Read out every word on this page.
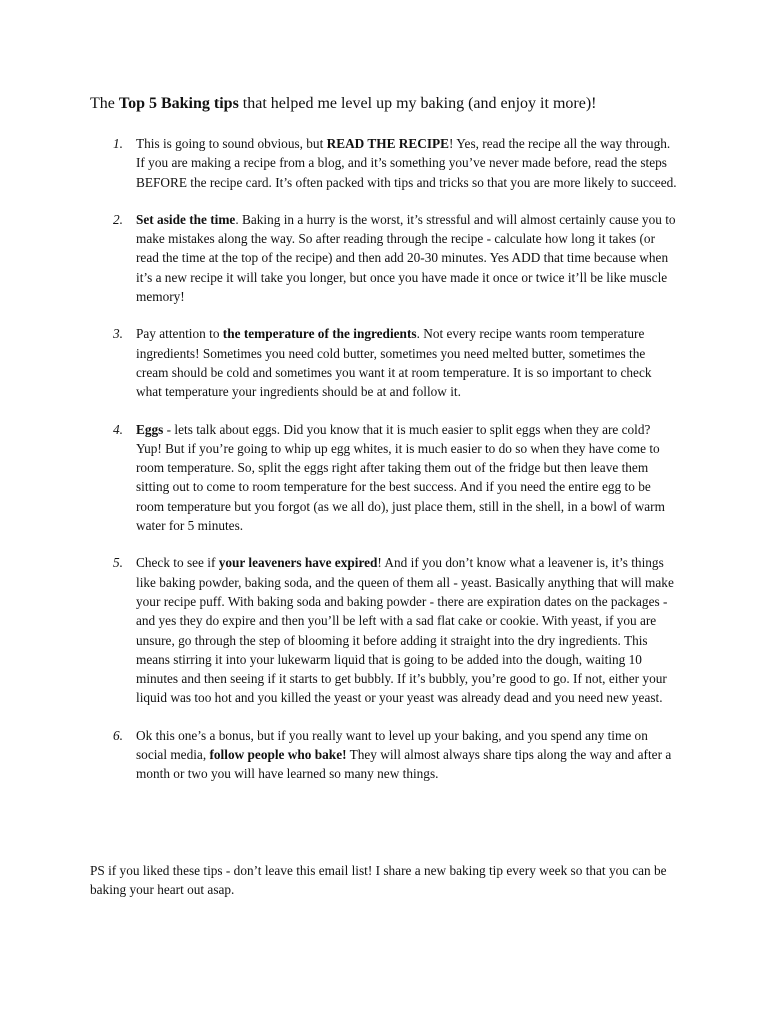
The Top 5 Baking tips that helped me level up my baking (and enjoy it more)!
1. This is going to sound obvious, but READ THE RECIPE! Yes, read the recipe all the way through. If you are making a recipe from a blog, and it’s something you’ve never made before, read the steps BEFORE the recipe card. It’s often packed with tips and tricks so that you are more likely to succeed.
2. Set aside the time. Baking in a hurry is the worst, it’s stressful and will almost certainly cause you to make mistakes along the way. So after reading through the recipe - calculate how long it takes (or read the time at the top of the recipe) and then add 20-30 minutes. Yes ADD that time because when it’s a new recipe it will take you longer, but once you have made it once or twice it’ll be like muscle memory!
3. Pay attention to the temperature of the ingredients. Not every recipe wants room temperature ingredients! Sometimes you need cold butter, sometimes you need melted butter, sometimes the cream should be cold and sometimes you want it at room temperature. It is so important to check what temperature your ingredients should be at and follow it.
4. Eggs - lets talk about eggs. Did you know that it is much easier to split eggs when they are cold? Yup! But if you’re going to whip up egg whites, it is much easier to do so when they have come to room temperature. So, split the eggs right after taking them out of the fridge but then leave them sitting out to come to room temperature for the best success. And if you need the entire egg to be room temperature but you forgot (as we all do), just place them, still in the shell, in a bowl of warm water for 5 minutes.
5. Check to see if your leaveners have expired! And if you don’t know what a leavener is, it’s things like baking powder, baking soda, and the queen of them all - yeast. Basically anything that will make your recipe puff. With baking soda and baking powder - there are expiration dates on the packages - and yes they do expire and then you’ll be left with a sad flat cake or cookie. With yeast, if you are unsure, go through the step of blooming it before adding it straight into the dry ingredients. This means stirring it into your lukewarm liquid that is going to be added into the dough, waiting 10 minutes and then seeing if it starts to get bubbly. If it’s bubbly, you’re good to go. If not, either your liquid was too hot and you killed the yeast or your yeast was already dead and you need new yeast.
6. Ok this one’s a bonus, but if you really want to level up your baking, and you spend any time on social media, follow people who bake! They will almost always share tips along the way and after a month or two you will have learned so many new things.

PS if you liked these tips - don’t leave this email list! I share a new baking tip every week so that you can be baking your heart out asap.
